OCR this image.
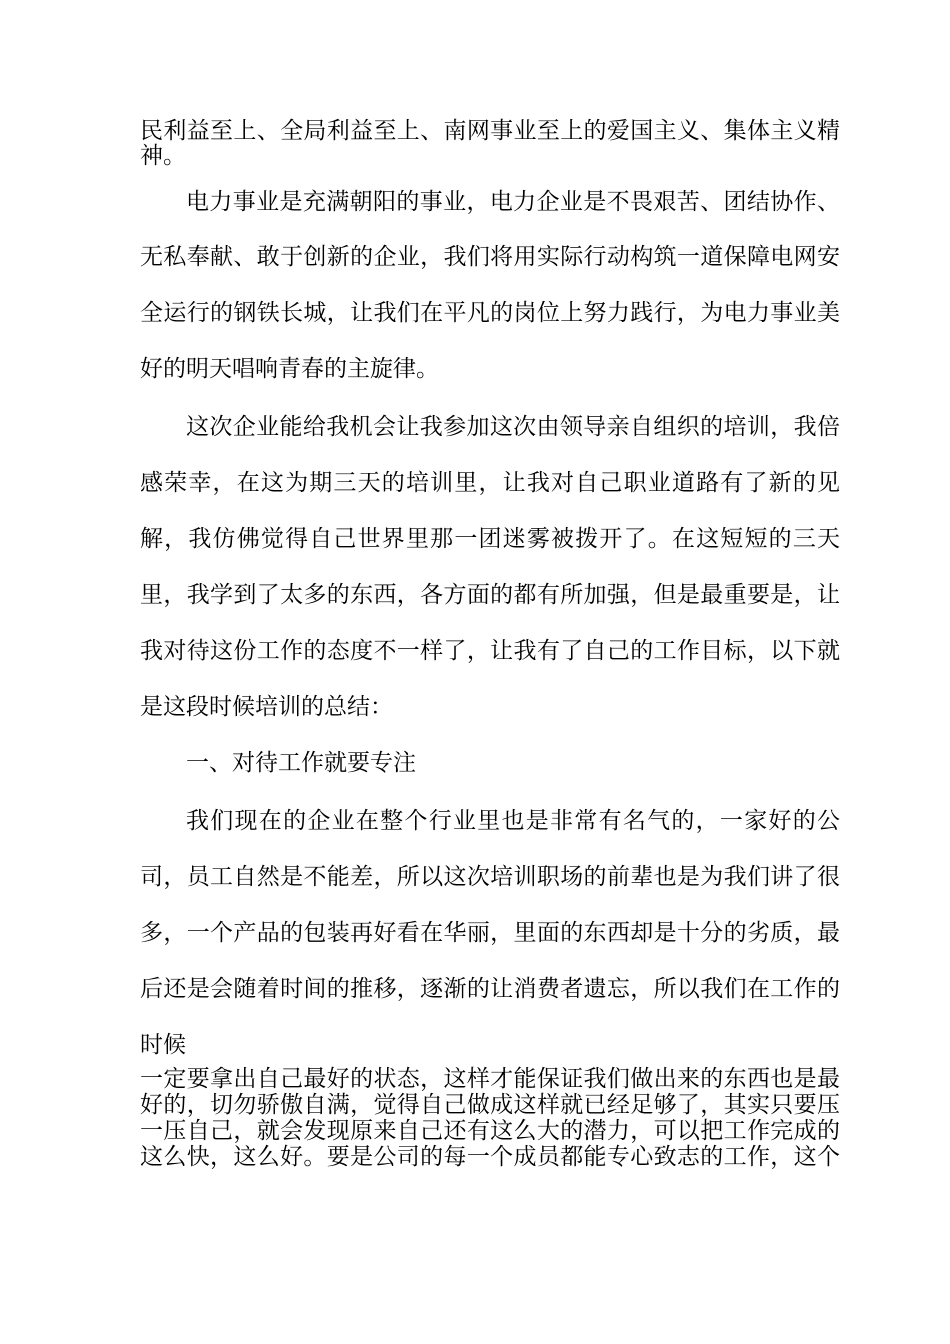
民利益至上、全局利益至上、南网事业至上的爱国主义、集体主义精
神。
电力事业是充满朝阳的事业，电力企业是不畏艰苦、团结协作、
无私奉献、敢于创新的企业，我们将用实际行动构筑一道保障电网安
全运行的钢铁长城，让我们在平凡的岗位上努力践行，为电力事业美
好的明天唱响青春的主旋律。
这次企业能给我机会让我参加这次由领导亲自组织的培训，我倍
感荣幸，在这为期三天的培训里，让我对自己职业道路有了新的见
解，我仿佛觉得自己世界里那一团迷雾被拨开了。在这短短的三天
里，我学到了太多的东西，各方面的都有所加强，但是最重要是，让
我对待这份工作的态度不一样了，让我有了自己的工作目标，以下就
是这段时候培训的总结：
一、对待工作就要专注
我们现在的企业在整个行业里也是非常有名气的，一家好的公
司，员工自然是不能差，所以这次培训职场的前辈也是为我们讲了很
多，一个产品的包装再好看在华丽，里面的东西却是十分的劣质，最
后还是会随着时间的推移，逐渐的让消费者遗忘，所以我们在工作的
时候
一定要拿出自己最好的状态，这样才能保证我们做出来的东西也是最
好的，切勿骄傲自满，觉得自己做成这样就已经足够了，其实只要压
一压自己，就会发现原来自己还有这么大的潜力，可以把工作完成的
这么快，这么好。要是公司的每一个成员都能专心致志的工作，这个
